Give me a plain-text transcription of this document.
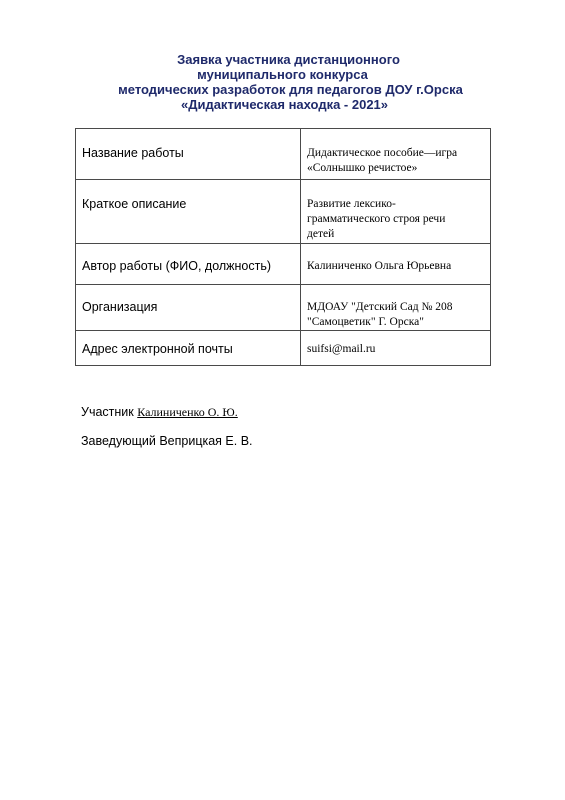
Заявка участника дистанционного
муниципального конкурса
методических разработок для педагогов ДОУ г.Орска
«Дидактическая находка - 2021»
Название работы	Дидактическое пособие—игра
«Солнышко речистое»
Краткое описание	Развитие лексико-
грамматического строя речи
детей
Автор работы (ФИО, должность)	Калиниченко Ольга Юрьевна
Организация	МДОАУ "Детский Сад № 208
"Самоцветик" Г. Орска"
Адрес электронной почты	suifsi@mail.ru
Участник Калиниченко О. Ю.
Заведующий Веприцкая Е. В.
